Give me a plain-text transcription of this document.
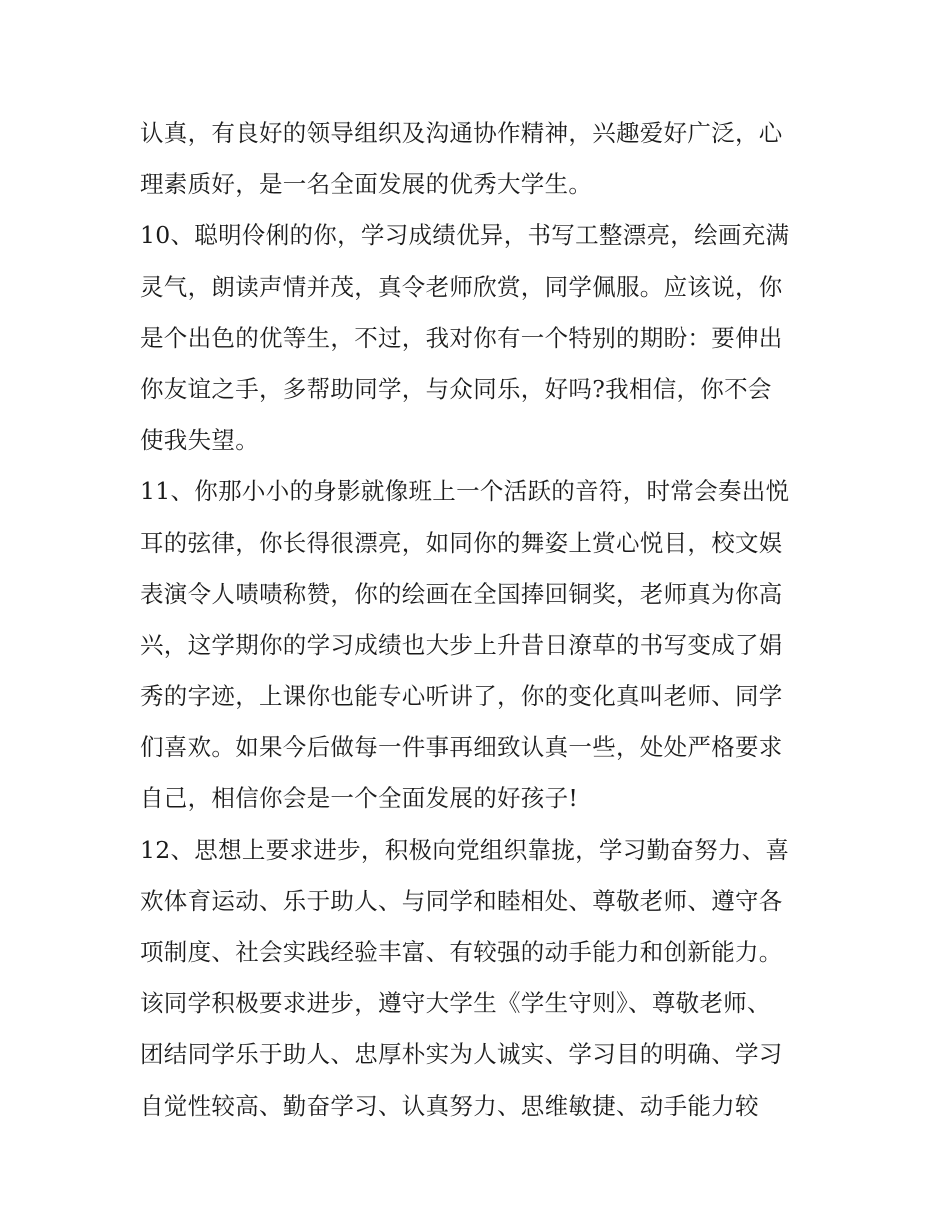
认真，有良好的领导组织及沟通协作精神，兴趣爱好广泛，心
理素质好，是一名全面发展的优秀大学生。
10、聪明伶俐的你，学习成绩优异，书写工整漂亮，绘画充满
灵气，朗读声情并茂，真令老师欣赏，同学佩服。应该说，你
是个出色的优等生，不过，我对你有一个特别的期盼：要伸出
你友谊之手，多帮助同学，与众同乐，好吗?我相信，你不会
使我失望。
11、你那小小的身影就像班上一个活跃的音符，时常会奏出悦
耳的弦律，你长得很漂亮，如同你的舞姿上赏心悦目，校文娱
表演令人啧啧称赞，你的绘画在全国捧回铜奖，老师真为你高
兴，这学期你的学习成绩也大步上升昔日潦草的书写变成了娟
秀的字迹，上课你也能专心听讲了，你的变化真叫老师、同学
们喜欢。如果今后做每一件事再细致认真一些，处处严格要求
自己，相信你会是一个全面发展的好孩子!
12、思想上要求进步，积极向党组织靠拢，学习勤奋努力、喜
欢体育运动、乐于助人、与同学和睦相处、尊敬老师、遵守各
项制度、社会实践经验丰富、有较强的动手能力和创新能力。
该同学积极要求进步，遵守大学生《学生守则》、尊敬老师、
团结同学乐于助人、忠厚朴实为人诚实、学习目的明确、学习
自觉性较高、勤奋学习、认真努力、思维敏捷、动手能力较
